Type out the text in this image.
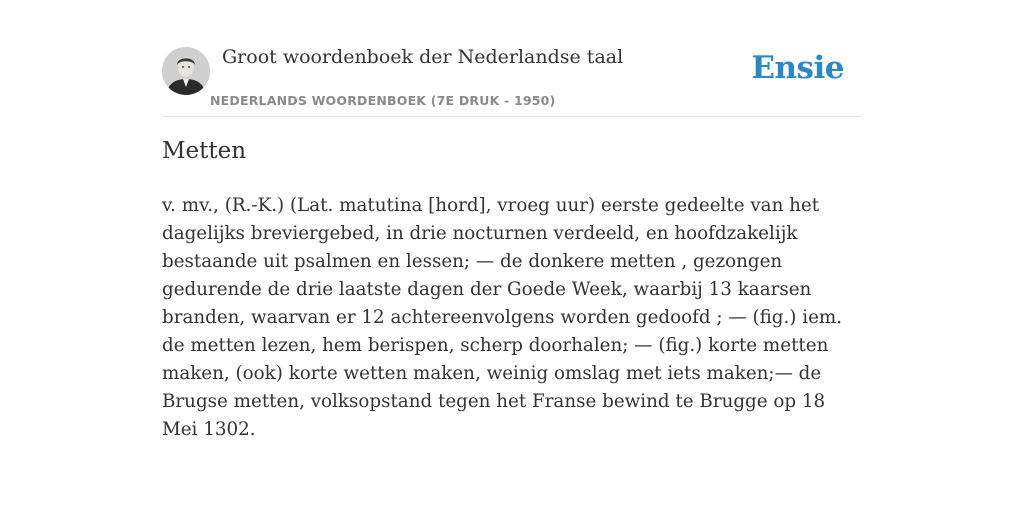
Groot woordenboek der Nederlandse taal
NEDERLANDS WOORDENBOEK (7E DRUK - 1950)
Ensie
Metten

v. mv., (R.-K.) (Lat. matutina [hord], vroeg uur) eerste gedeelte van het dagelijks breviergebed, in drie nocturnen verdeeld, en hoofdzakelijk bestaande uit psalmen en lessen; — de donkere metten , gezongen gedurende de drie laatste dagen der Goede Week, waarbij 13 kaarsen branden, waarvan er 12 achtereenvolgens worden gedoofd ; — (fig.) iem. de metten lezen, hem berispen, scherp doorhalen; — (fig.) korte metten maken, (ook) korte wetten maken, weinig omslag met iets maken;— de Brugse metten, volksopstand tegen het Franse bewind te Brugge op 18 Mei 1302.
